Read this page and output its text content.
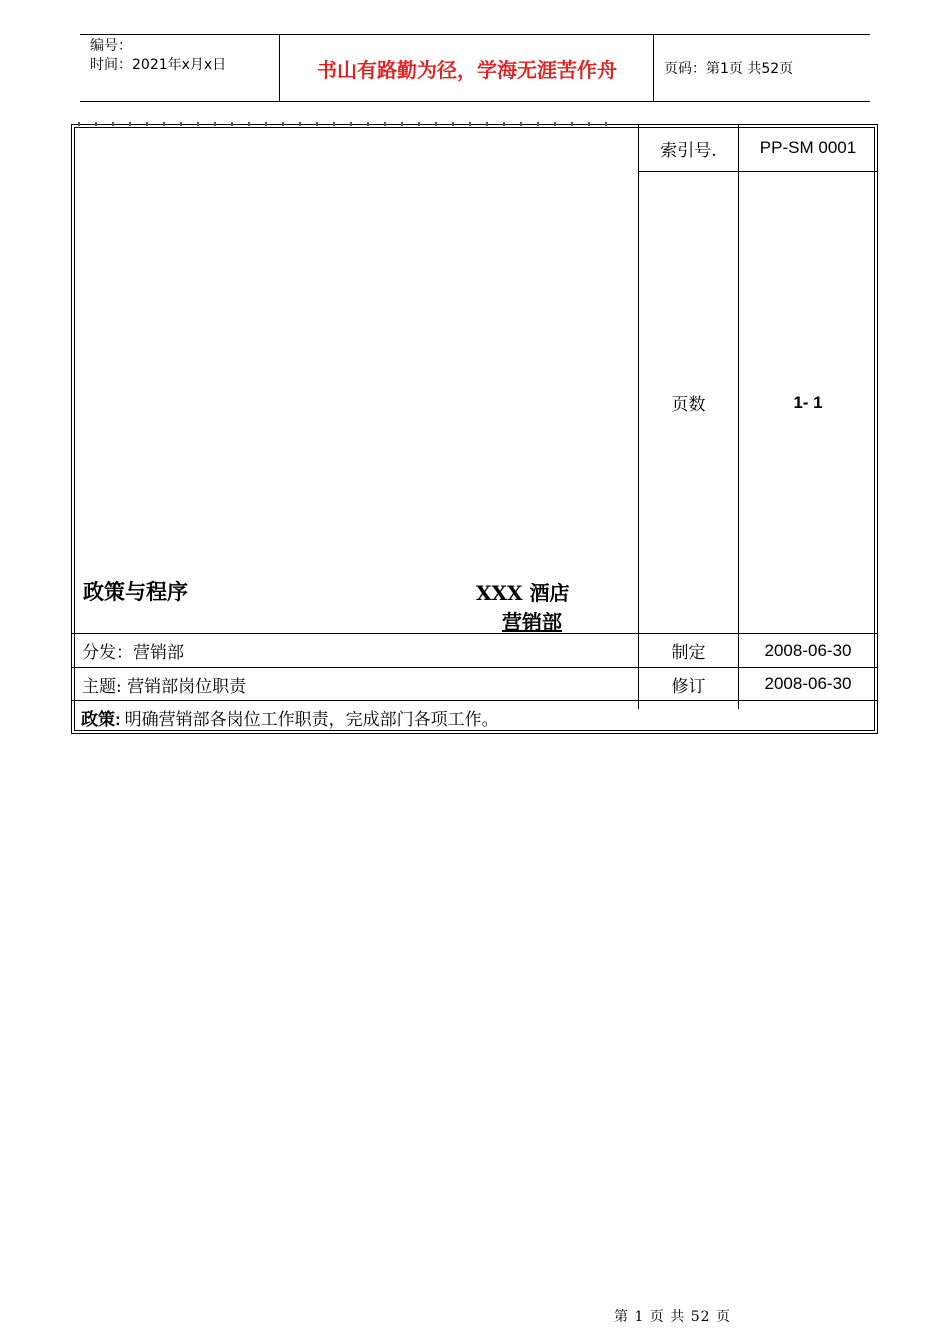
编号：
时间：2021年x月x日	书山有路勤为径，学海无涯苦作舟	页码：第1页 共52页
索引号.	PP-SM 0001
页数	1- 1
政策与程序	XXX 酒店
营销部
分发：营销部	制定	2008-06-30
主题: 营销部岗位职责	修订	2008-06-30
政策: 明确营销部各岗位工作职责，完成部门各项工作。
第 1 页 共 52 页
